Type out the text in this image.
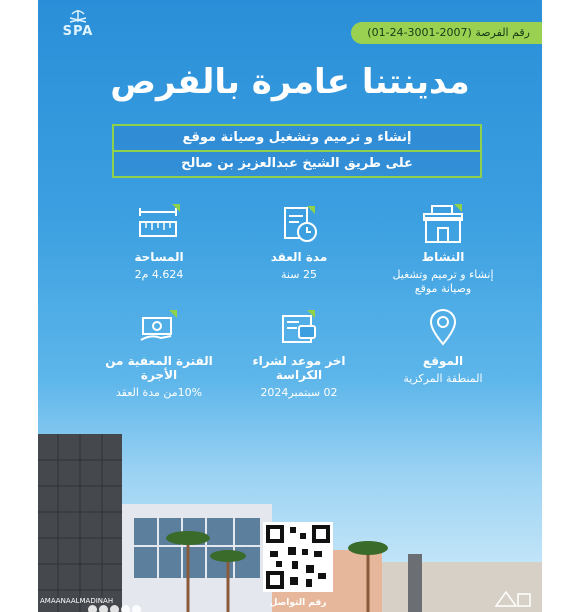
SPA	رقم الفرصة (2007-3001-24-01)
مدينتنا عامرة بالفرص
إنشاء و ترميم وتشغيل وصيانة موقع
على طريق الشيخ عبدالعزيز بن صالح
النشاط
إنشاء و ترميم وتشغيل وصيانة موقع
مدة العقد
25 سنة
المساحة
4.624 م2
الموقع
المنطقة المركزية
اخر موعد لشراء الكراسة
02 سبتمبر2024
الفترة المعفية من الأجرة
10%من مدة العقد
رقم التواصل
AMAANAALMADINAH
